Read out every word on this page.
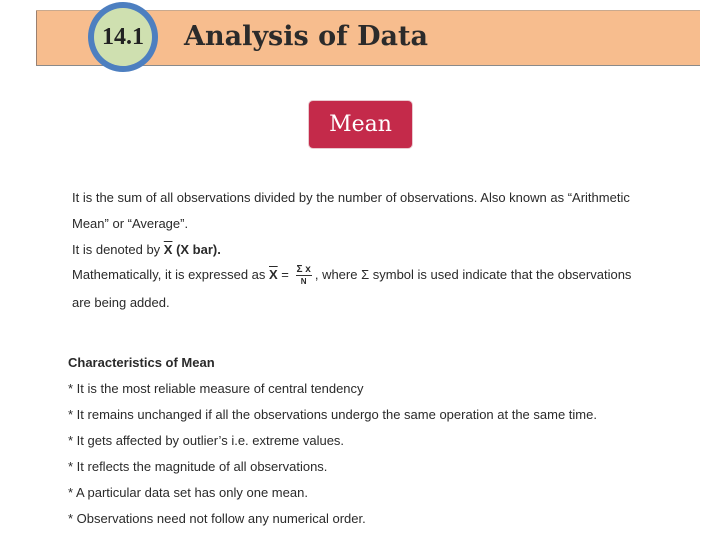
14.1 Analysis of Data
Mean
It is the sum of all observations divided by the number of observations. Also known as “Arithmetic
Mean” or “Average”.
It is denoted by $\overline{X}$ (X bar).
Mathematically, it is expressed as $\overline{X} = \frac{\text{Σ x}}{N}$ , where Σ symbol is used indicate that the observations
are being added.
Characteristics of Mean
* It is the most reliable measure of central tendency
* It remains unchanged if all the observations undergo the same operation at the same time.
* It gets affected by outlier’s i.e. extreme values.
* It reflects the magnitude of all observations.
* A particular data set has only one mean.
* Observations need not follow any numerical order.
